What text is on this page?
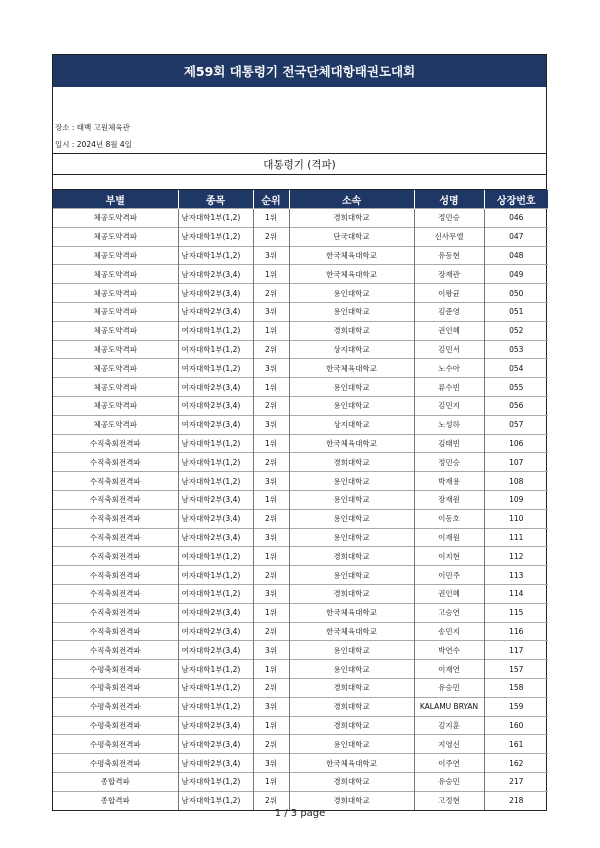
제59회 대통령기 전국단체대항태권도대회
장소 : 태백 고원체육관
일시 : 2024년 8월 4일
대통령기 (격파)
부별	종목	순위	소속	성명	상장번호
체공도약격파	남자대학1부(1,2)	1위	경희대학교	정민승	046
체공도약격파	남자대학1부(1,2)	2위	단국대학교	신사무엘	047
체공도약격파	남자대학1부(1,2)	3위	한국체육대학교	유동현	048
체공도약격파	남자대학2부(3,4)	1위	한국체육대학교	장재관	049
체공도약격파	남자대학2부(3,4)	2위	용인대학교	이왕균	050
체공도약격파	남자대학2부(3,4)	3위	용인대학교	김준영	051
체공도약격파	여자대학1부(1,2)	1위	경희대학교	권인혜	052
체공도약격파	여자대학1부(1,2)	2위	상지대학교	김민서	053
체공도약격파	여자대학1부(1,2)	3위	한국체육대학교	노수아	054
체공도약격파	여자대학2부(3,4)	1위	용인대학교	류수빈	055
체공도약격파	여자대학2부(3,4)	2위	용인대학교	김민지	056
체공도약격파	여자대학2부(3,4)	3위	상지대학교	노성하	057
수직축회전격파	남자대학1부(1,2)	1위	한국체육대학교	김태빈	106
수직축회전격파	남자대학1부(1,2)	2위	경희대학교	정민승	107
수직축회전격파	남자대학1부(1,2)	3위	용인대학교	박재용	108
수직축회전격파	남자대학2부(3,4)	1위	용인대학교	장재원	109
수직축회전격파	남자대학2부(3,4)	2위	용인대학교	이동호	110
수직축회전격파	남자대학2부(3,4)	3위	용인대학교	이재원	111
수직축회전격파	여자대학1부(1,2)	1위	경희대학교	이지현	112
수직축회전격파	여자대학1부(1,2)	2위	용인대학교	이민주	113
수직축회전격파	여자대학1부(1,2)	3위	경희대학교	권인혜	114
수직축회전격파	여자대학2부(3,4)	1위	한국체육대학교	고승연	115
수직축회전격파	여자대학2부(3,4)	2위	한국체육대학교	송민지	116
수직축회전격파	여자대학2부(3,4)	3위	용인대학교	박연수	117
수평축회전격파	남자대학1부(1,2)	1위	용인대학교	이재연	157
수평축회전격파	남자대학1부(1,2)	2위	경희대학교	유승민	158
수평축회전격파	남자대학1부(1,2)	3위	경희대학교	KALAMU BRYAN	159
수평축회전격파	남자대학2부(3,4)	1위	경희대학교	김지훈	160
수평축회전격파	남자대학2부(3,4)	2위	용인대학교	지영신	161
수평축회전격파	남자대학2부(3,4)	3위	한국체육대학교	이주연	162
종합격파	남자대학1부(1,2)	1위	경희대학교	유승민	217
종합격파	남자대학1부(1,2)	2위	경희대학교	고정현	218
1 / 3 page
